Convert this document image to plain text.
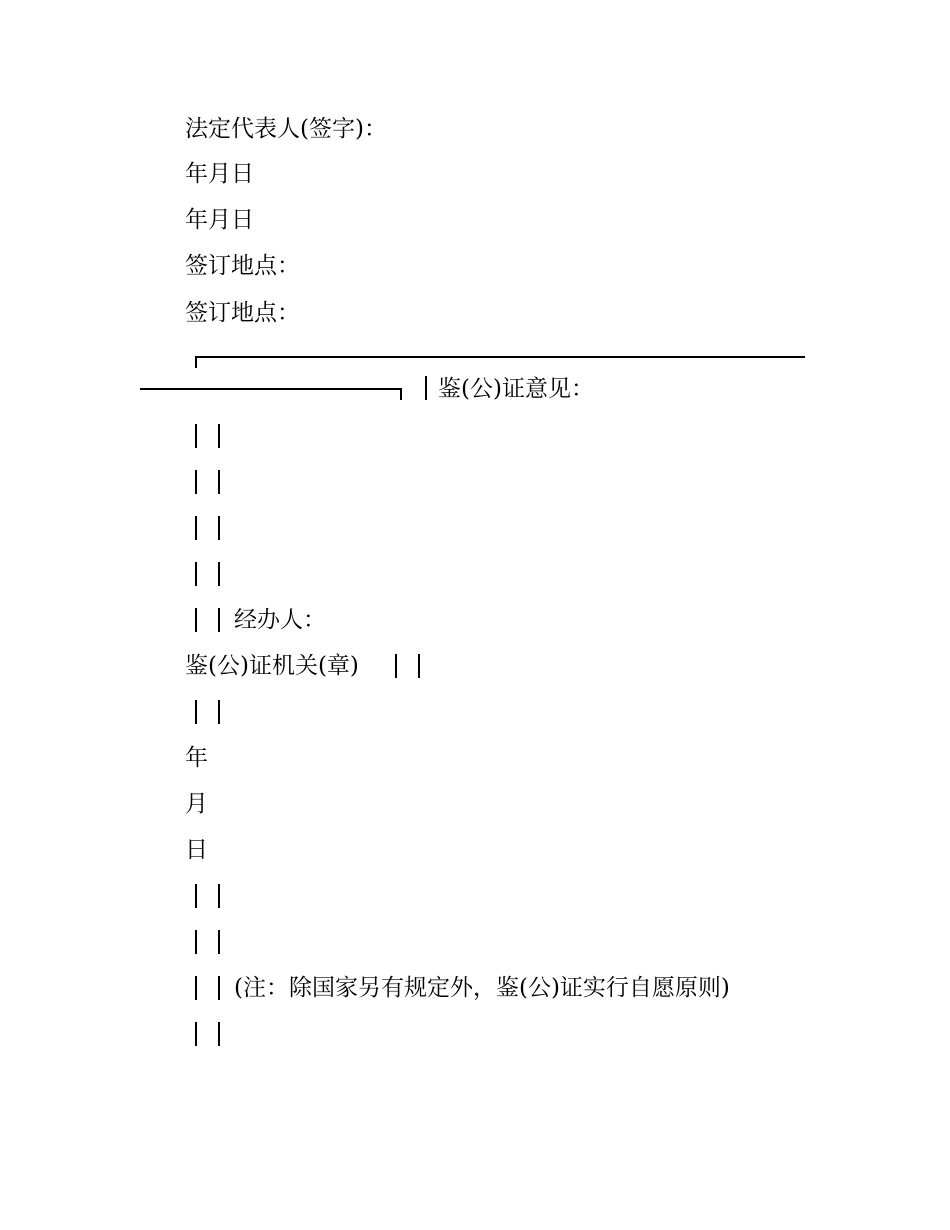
法定代表人(签字)：
年月日
年月日
签订地点：
签订地点：
鉴(公)证意见：
经办人：
鉴(公)证机关(章)
年
月
日
(注：除国家另有规定外，鉴(公)证实行自愿原则)
